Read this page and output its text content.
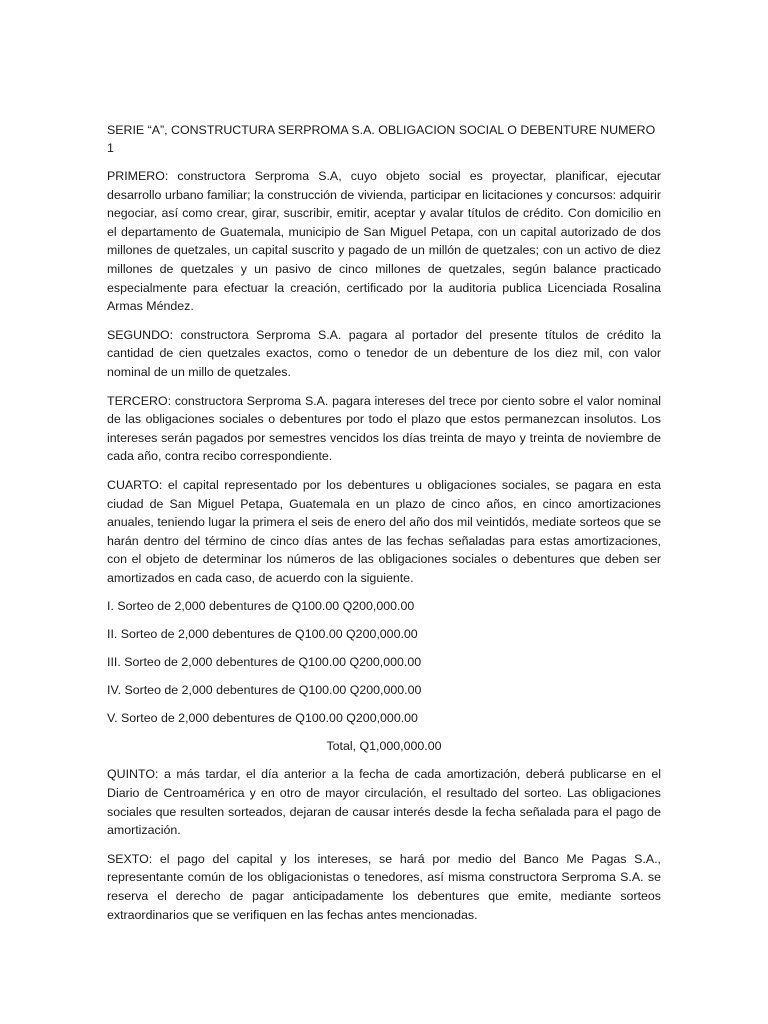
SERIE “A”, CONSTRUCTURA SERPROMA S.A. OBLIGACION SOCIAL O DEBENTURE NUMERO 1

PRIMERO: constructora Serproma S.A, cuyo objeto social es proyectar, planificar, ejecutar desarrollo urbano familiar; la construcción de vivienda, participar en licitaciones y concursos: adquirir negociar, así como crear, girar, suscribir, emitir, aceptar y avalar títulos de crédito. Con domicilio en el departamento de Guatemala, municipio de San Miguel Petapa, con un capital autorizado de dos millones de quetzales, un capital suscrito y pagado de un millón de quetzales; con un activo de diez millones de quetzales y un pasivo de cinco millones de quetzales, según balance practicado especialmente para efectuar la creación, certificado por la auditoria publica Licenciada Rosalina Armas Méndez.

SEGUNDO: constructora Serproma S.A. pagara al portador del presente títulos de crédito la cantidad de cien quetzales exactos, como o tenedor de un debenture de los diez mil, con valor nominal de un millo de quetzales.

TERCERO: constructora Serproma S.A. pagara intereses del trece por ciento sobre el valor nominal de las obligaciones sociales o debentures por todo el plazo que estos permanezcan insolutos. Los intereses serán pagados por semestres vencidos los días treinta de mayo y treinta de noviembre de cada año, contra recibo correspondiente.

CUARTO: el capital representado por los debentures u obligaciones sociales, se pagara en esta ciudad de San Miguel Petapa, Guatemala en un plazo de cinco años, en cinco amortizaciones anuales, teniendo lugar la primera el seis de enero del año dos mil veintidós, mediate sorteos que se harán dentro del término de cinco días antes de las fechas señaladas para estas amortizaciones, con el objeto de determinar los números de las obligaciones sociales o debentures que deben ser amortizados en cada caso, de acuerdo con la siguiente.

I. Sorteo de 2,000 debentures de Q100.00 Q200,000.00

II. Sorteo de 2,000 debentures de Q100.00 Q200,000.00

III. Sorteo de 2,000 debentures de Q100.00 Q200,000.00

IV. Sorteo de 2,000 debentures de Q100.00 Q200,000.00

V. Sorteo de 2,000 debentures de Q100.00 Q200,000.00

Total, Q1,000,000.00

QUINTO: a más tardar, el día anterior a la fecha de cada amortización, deberá publicarse en el Diario de Centroamérica y en otro de mayor circulación, el resultado del sorteo. Las obligaciones sociales que resulten sorteados, dejaran de causar interés desde la fecha señalada para el pago de amortización.

SEXTO: el pago del capital y los intereses, se hará por medio del Banco Me Pagas S.A., representante común de los obligacionistas o tenedores, así misma constructora Serproma S.A. se reserva el derecho de pagar anticipadamente los debentures que emite, mediante sorteos extraordinarios que se verifiquen en las fechas antes mencionadas.
